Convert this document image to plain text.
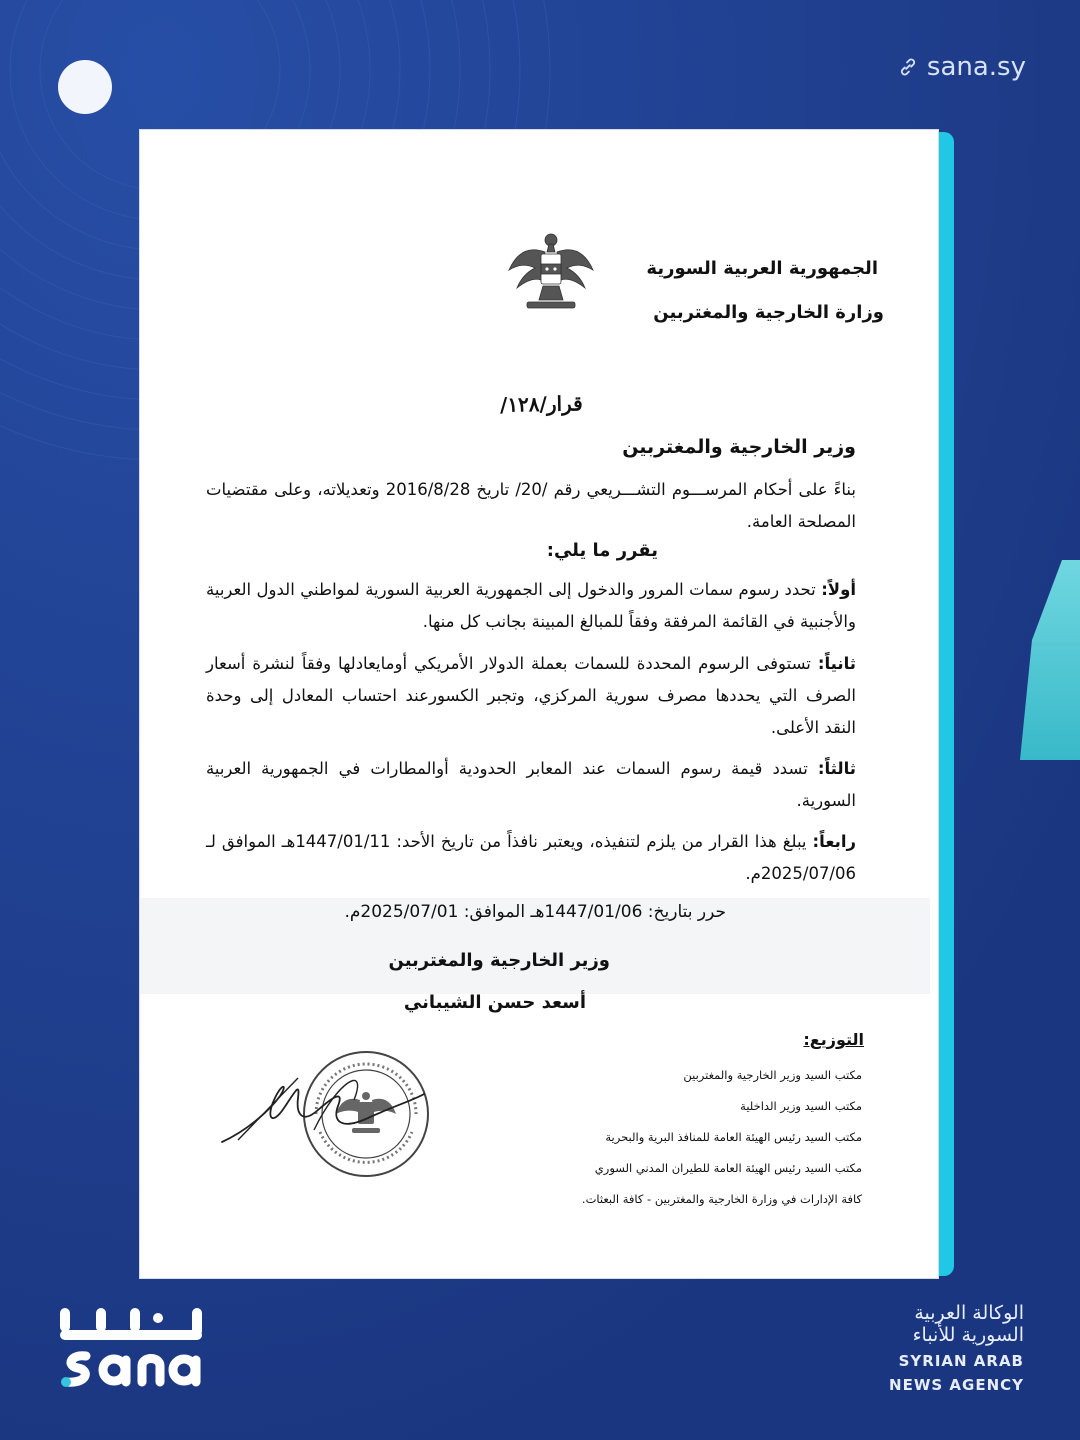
sana.sy
الجمهورية العربية السورية
وزارة الخارجية والمغتربين
قرار/١٢٨/
وزير الخارجية والمغتربين
بناءً على أحكام المرســـوم التشـــريعي رقم /20/ تاريخ 2016/8/28 وتعديلاته، وعلى مقتضيات المصلحة العامة.
يقرر ما يلي:
أولاً: تحدد رسوم سمات المرور والدخول إلى الجمهورية العربية السورية لمواطني الدول العربية والأجنبية في القائمة المرفقة وفقاً للمبالغ المبينة بجانب كل منها.
ثانياً: تستوفى الرسوم المحددة للسمات بعملة الدولار الأمريكي أومايعادلها وفقاً لنشرة أسعار الصرف التي يحددها مصرف سورية المركزي، وتجبر الكسورعند احتساب المعادل إلى وحدة النقد الأعلى.
ثالثاً: تسدد قيمة رسوم السمات عند المعابر الحدودية أوالمطارات في الجمهورية العربية السورية.
رابعاً: يبلغ هذا القرار من يلزم لتنفيذه، ويعتبر نافذاً من تاريخ الأحد: 1447/01/11هـ الموافق لـ 2025/07/06م.
حرر بتاريخ: 1447/01/06هـ الموافق: 2025/07/01م.
وزير الخارجية والمغتربين
أسعد حسن الشيباني
التوزيع:
مكتب السيد وزير الخارجية والمغتربين
مكتب السيد وزير الداخلية
مكتب السيد رئيس الهيئة العامة للمنافذ البرية والبحرية
مكتب السيد رئيس الهيئة العامة للطيران المدني السوري
كافة الإدارات في وزارة الخارجية والمغتربين - كافة البعثات.
الوكالة العربية
السورية للأنباء
SYRIAN ARAB
NEWS AGENCY
